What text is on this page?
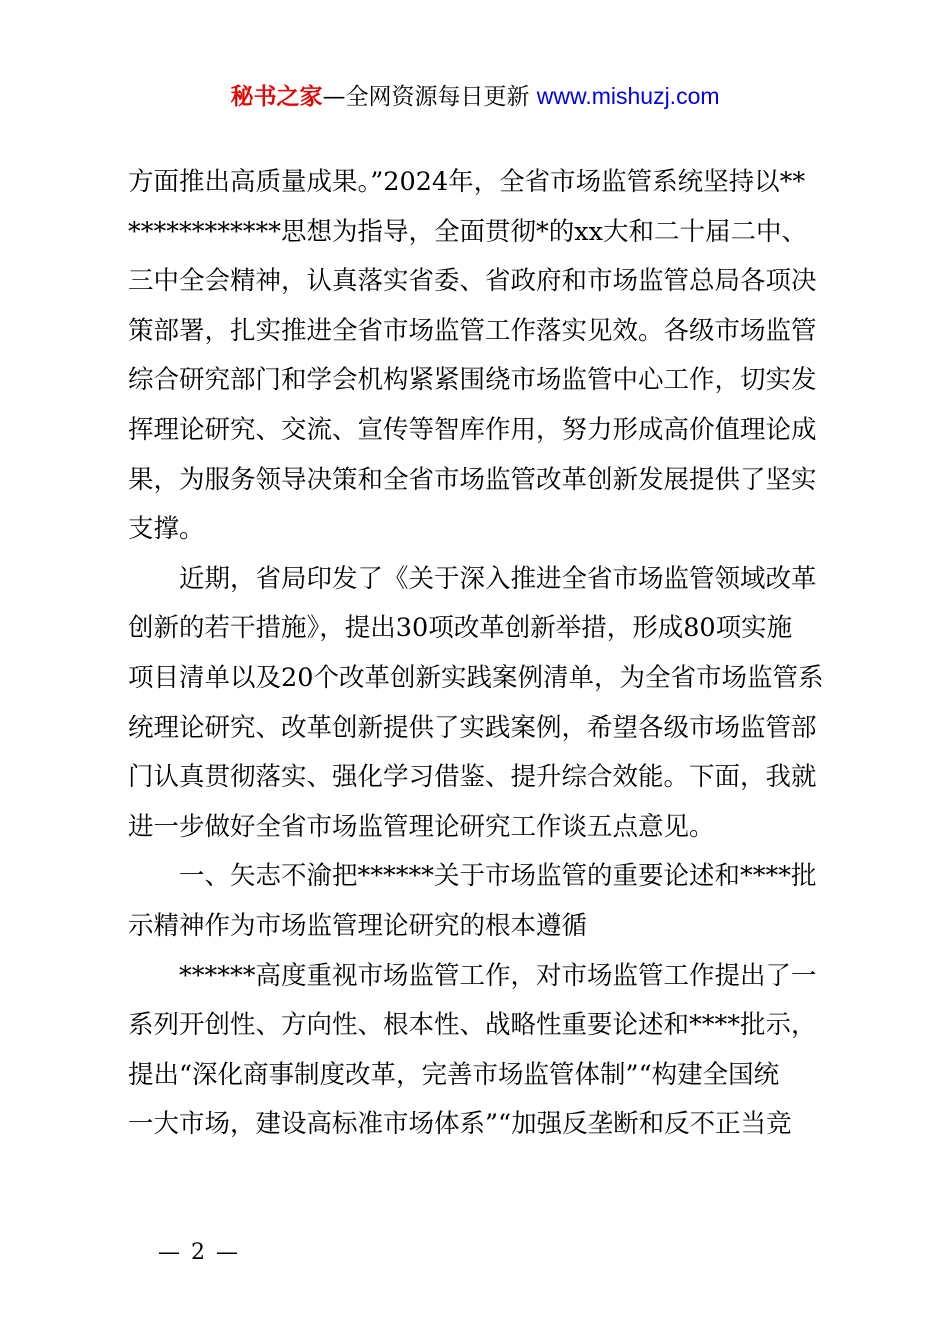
秘书之家—全网资源每日更新 www.mishuzj.com
方面推出高质量成果。”2024年，全省市场监管系统坚持以**
************思想为指导，全面贯彻*的xx大和二十届二中、
三中全会精神，认真落实省委、省政府和市场监管总局各项决
策部署，扎实推进全省市场监管工作落实见效。各级市场监管
综合研究部门和学会机构紧紧围绕市场监管中心工作，切实发
挥理论研究、交流、宣传等智库作用，努力形成高价值理论成
果，为服务领导决策和全省市场监管改革创新发展提供了坚实
支撑。
　　近期，省局印发了《关于深入推进全省市场监管领域改革
创新的若干措施》，提出30项改革创新举措，形成80项实施
项目清单以及20个改革创新实践案例清单，为全省市场监管系
统理论研究、改革创新提供了实践案例，希望各级市场监管部
门认真贯彻落实、强化学习借鉴、提升综合效能。下面，我就
进一步做好全省市场监管理论研究工作谈五点意见。
　　一、矢志不渝把******关于市场监管的重要论述和****批
示精神作为市场监管理论研究的根本遵循
　　******高度重视市场监管工作，对市场监管工作提出了一
系列开创性、方向性、根本性、战略性重要论述和****批示，
提出“深化商事制度改革，完善市场监管体制”“构建全国统
一大市场，建设高标准市场体系”“加强反垄断和反不正当竞
— 2 —
